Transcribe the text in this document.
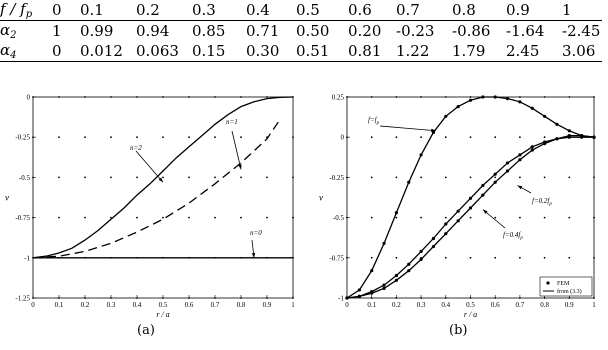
f / $f_p$	0	0.1	0.2	0.3	0.4	0.5	0.6	0.7	0.8	0.9	1
$\alpha_2$	1	0.99	0.94	0.85	0.71	0.50	0.20	-0.23	-0.86	-1.64	-2.45
$\alpha_4$	0	0.012	0.063	0.15	0.30	0.51	0.81	1.22	1.79	2.45	3.06
0	0.1 0.2 0.3 0.4 0.5 0.6 0.7 0.8 0.9	1
0
-0.25
-0.5
-0.75
-1
-1.25
r / a
v
n=1
n=2
n=0
0	0.1 0.2 0.3 0.4 0.5 0.6 0.7 0.8 0.9	1
0.25
0
-0.25
-0.5
-0.75
-1
r / a
v
$f=f_p$
$f=0.2f_p$
$f=0.4f_p$
FEM
from (3.3)
(a)	(b)
